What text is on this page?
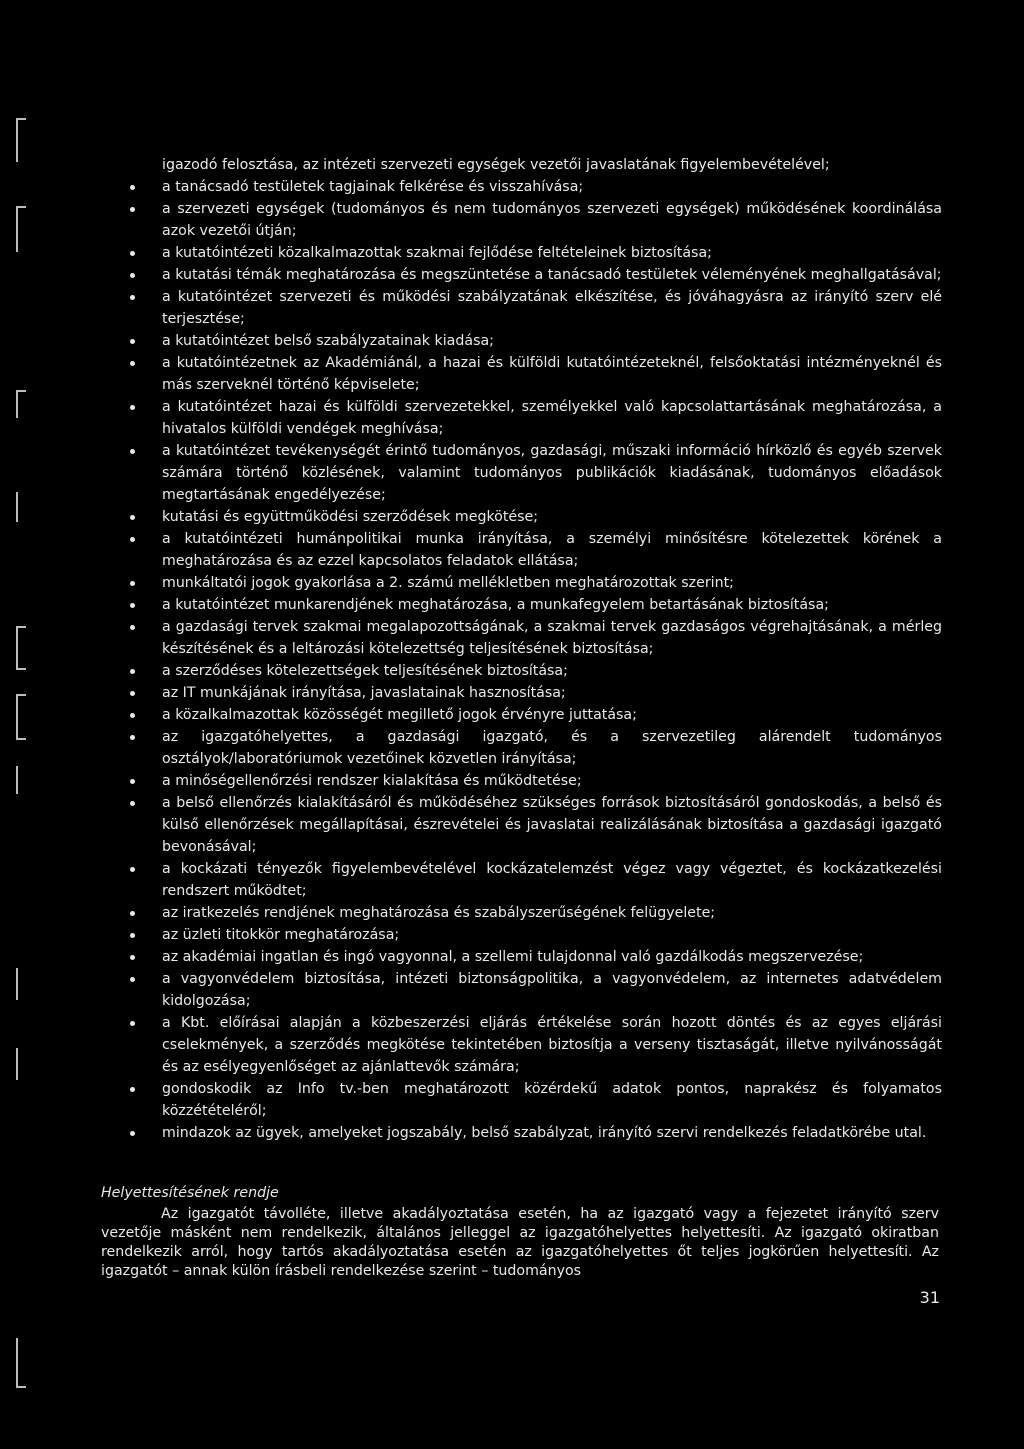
igazodó felosztása, az intézeti szervezeti egységek vezetői javaslatának figyelembevételével;

a tanácsadó testületek tagjainak felkérése és visszahívása;
a szervezeti egységek (tudományos és nem tudományos szervezeti egységek) működésének koordinálása azok vezetői útján;
a kutatóintézeti közalkalmazottak szakmai fejlődése feltételeinek biztosítása;
a kutatási témák meghatározása és megszüntetése a tanácsadó testületek véleményének meghallgatásával;
a kutatóintézet szervezeti és működési szabályzatának elkészítése, és jóváhagyásra az irányító szerv elé terjesztése;
a kutatóintézet belső szabályzatainak kiadása;
a kutatóintézetnek az Akadémiánál, a hazai és külföldi kutatóintézeteknél, felsőoktatási intézményeknél és más szerveknél történő képviselete;
a kutatóintézet hazai és külföldi szervezetekkel, személyekkel való kapcsolattartásának meghatározása, a hivatalos külföldi vendégek meghívása;
a kutatóintézet tevékenységét érintő tudományos, gazdasági, műszaki információ hírközlő és egyéb szervek számára történő közlésének, valamint tudományos publikációk kiadásának, tudományos előadások megtartásának engedélyezése;
kutatási és együttműködési szerződések megkötése;
a kutatóintézeti humánpolitikai munka irányítása, a személyi minősítésre kötelezettek körének a meghatározása és az ezzel kapcsolatos feladatok ellátása;
munkáltatói jogok gyakorlása a 2. számú mellékletben meghatározottak szerint;
a kutatóintézet munkarendjének meghatározása, a munkafegyelem betartásának biztosítása;
a gazdasági tervek szakmai megalapozottságának, a szakmai tervek gazdaságos végrehajtásának, a mérleg készítésének és a leltározási kötelezettség teljesítésének biztosítása;
a szerződéses kötelezettségek teljesítésének biztosítása;
az IT munkájának irányítása, javaslatainak hasznosítása;
a közalkalmazottak közösségét megillető jogok érvényre juttatása;
az igazgatóhelyettes, a gazdasági igazgató, és a szervezetileg alárendelt tudományos osztályok/laboratóriumok vezetőinek közvetlen irányítása;
a minőségellenőrzési rendszer kialakítása és működtetése;
a belső ellenőrzés kialakításáról és működéséhez szükséges források biztosításáról gondoskodás, a belső és külső ellenőrzések megállapításai, észrevételei és javaslatai realizálásának biztosítása a gazdasági igazgató bevonásával;
a kockázati tényezők figyelembevételével kockázatelemzést végez vagy végeztet, és kockázatkezelési rendszert működtet;
az iratkezelés rendjének meghatározása és szabályszerűségének felügyelete;
az üzleti titokkör meghatározása;
az akadémiai ingatlan és ingó vagyonnal, a szellemi tulajdonnal való gazdálkodás megszervezése;
a vagyonvédelem biztosítása, intézeti biztonságpolitika, a vagyonvédelem, az internetes adatvédelem kidolgozása;
a Kbt. előírásai alapján a közbeszerzési eljárás értékelése során hozott döntés és az egyes eljárási cselekmények, a szerződés megkötése tekintetében biztosítja a verseny tisztaságát, illetve nyilvánosságát és az esélyegyenlőséget az ajánlattevők számára;
gondoskodik az Info tv.-ben meghatározott közérdekű adatok pontos, naprakész és folyamatos közzétételéről;
mindazok az ügyek, amelyeket jogszabály, belső szabályzat, irányító szervi rendelkezés feladatkörébe utal.
Helyettesítésének rendje

Az igazgatót távolléte, illetve akadályoztatása esetén, ha az igazgató vagy a fejezetet irányító szerv vezetője másként nem rendelkezik, általános jelleggel az igazgatóhelyettes helyettesíti. Az igazgató okiratban rendelkezik arról, hogy tartós akadályoztatása esetén az igazgatóhelyettes őt teljes jogkörűen helyettesíti. Az igazgatót – annak külön írásbeli rendelkezése szerint – tudományos

31
